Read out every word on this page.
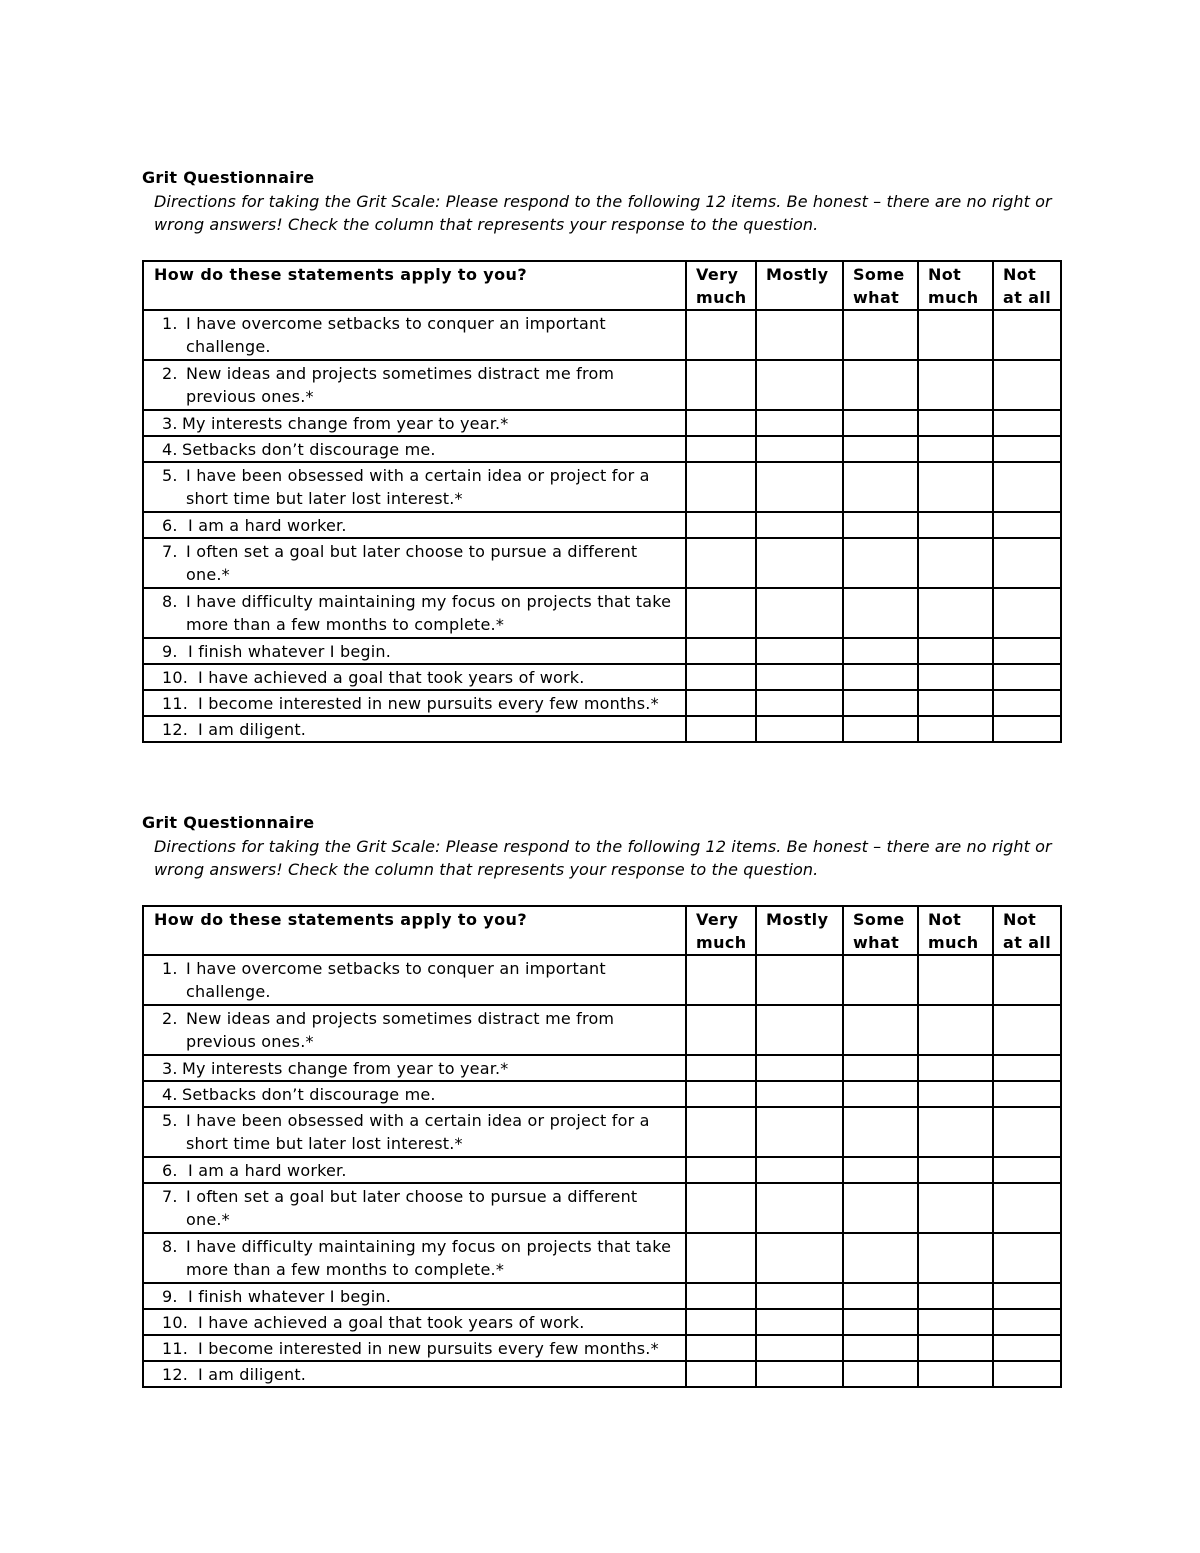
Grit Questionnaire
Directions for taking the Grit Scale: Please respond to the following 12 items. Be honest – there are no right or wrong answers! Check the column that represents your response to the question.
How do these statements apply to you?	Very much	Mostly	Some what	Not much	Not at all

1. I have overcome setbacks to conquer an important challenge.					

2. New ideas and projects sometimes distract me from previous ones.*					

3. My interests change from year to year.*					

4. Setbacks don’t discourage me.					

5. I have been obsessed with a certain idea or project for a short time but later lost interest.*					

6. I am a hard worker.					

7. I often set a goal but later choose to pursue a different one.*					

8. I have difficulty maintaining my focus on projects that take more than a few months to complete.*					

9. I finish whatever I begin.					

10. I have achieved a goal that took years of work.					

11. I become interested in new pursuits every few months.*					

12. I am diligent.					

Grit Questionnaire
Directions for taking the Grit Scale: Please respond to the following 12 items. Be honest – there are no right or wrong answers! Check the column that represents your response to the question.
How do these statements apply to you?	Very much	Mostly	Some what	Not much	Not at all

1. I have overcome setbacks to conquer an important challenge.					

2. New ideas and projects sometimes distract me from previous ones.*					

3. My interests change from year to year.*					

4. Setbacks don’t discourage me.					

5. I have been obsessed with a certain idea or project for a short time but later lost interest.*					

6. I am a hard worker.					

7. I often set a goal but later choose to pursue a different one.*					

8. I have difficulty maintaining my focus on projects that take more than a few months to complete.*					

9. I finish whatever I begin.					

10. I have achieved a goal that took years of work.					

11. I become interested in new pursuits every few months.*					

12. I am diligent.					
